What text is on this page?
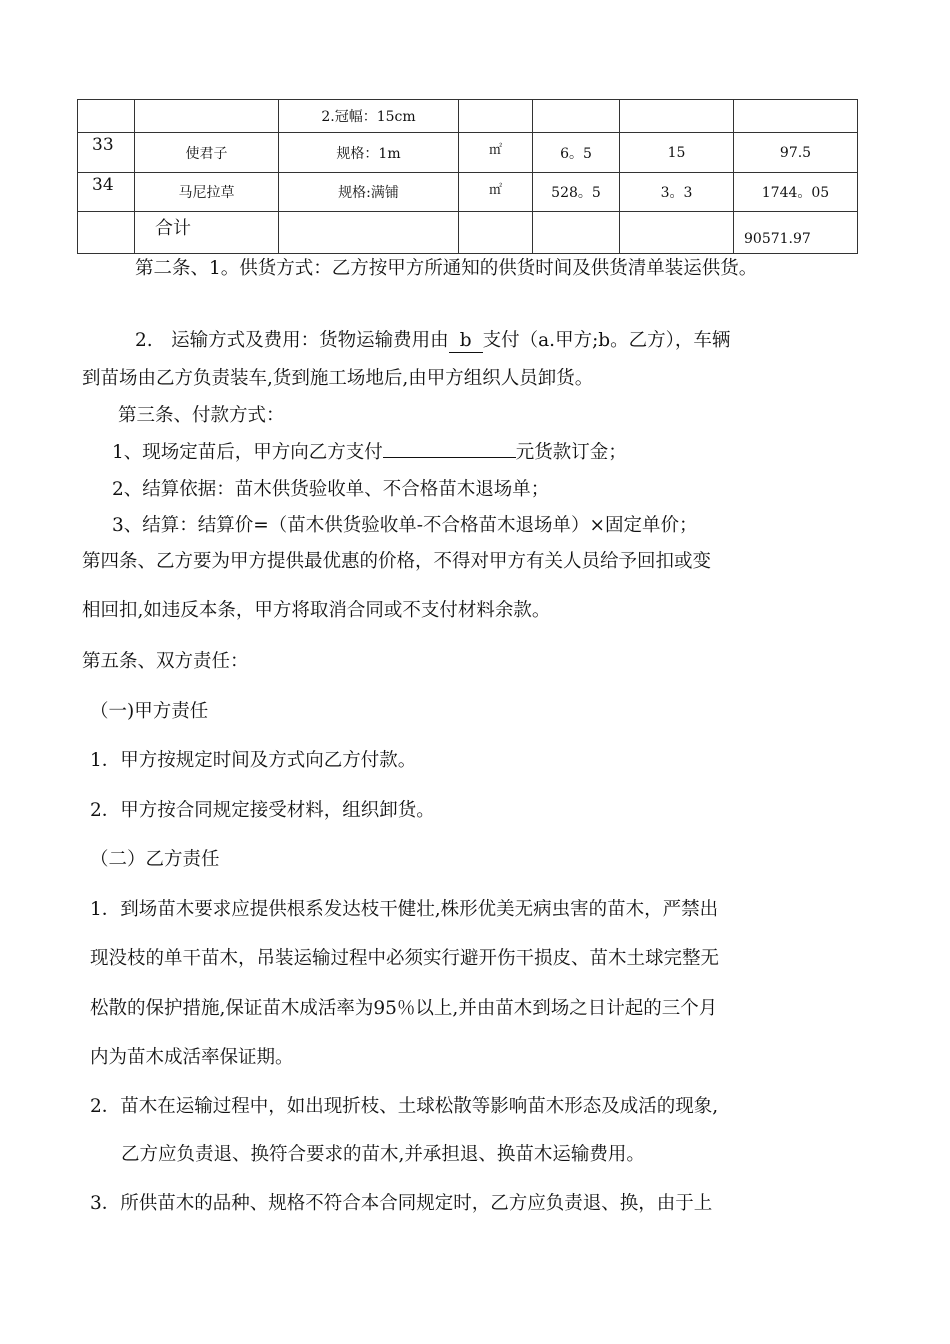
		2.冠幅：15cm				
33	使君子	规格：1m	㎡	6。5	15	97.5
34	马尼拉草	规格:满铺	㎡	528。5	3。3	1744。05
	合计					90571.97
第二条、1。供货方式：乙方按甲方所通知的供货时间及供货清单装运供货。
2.　运输方式及费用：货物运输费用由 b 支付（a.甲方;b。乙方），车辆
到苗场由乙方负责装车,货到施工场地后,由甲方组织人员卸货。
第三条、付款方式：
1、现场定苗后，甲方向乙方支付	元货款订金；
2、结算依据：苗木供货验收单、不合格苗木退场单；
3、结算：结算价=（苗木供货验收单-不合格苗木退场单）×固定单价；
第四条、乙方要为甲方提供最优惠的价格，不得对甲方有关人员给予回扣或变
相回扣,如违反本条，甲方将取消合同或不支付材料余款。
第五条、双方责任：
（一)甲方责任
1．甲方按规定时间及方式向乙方付款。
2．甲方按合同规定接受材料，组织卸货。
（二）乙方责任
1．到场苗木要求应提供根系发达枝干健壮,株形优美无病虫害的苗木，严禁出
现没枝的单干苗木，吊装运输过程中必须实行避开伤干损皮、苗木土球完整无
松散的保护措施,保证苗木成活率为95％以上,并由苗木到场之日计起的三个月
内为苗木成活率保证期。
2．苗木在运输过程中，如出现折枝、土球松散等影响苗木形态及成活的现象,
乙方应负责退、换符合要求的苗木,并承担退、换苗木运输费用。
3．所供苗木的品种、规格不符合本合同规定时，乙方应负责退、换，由于上
